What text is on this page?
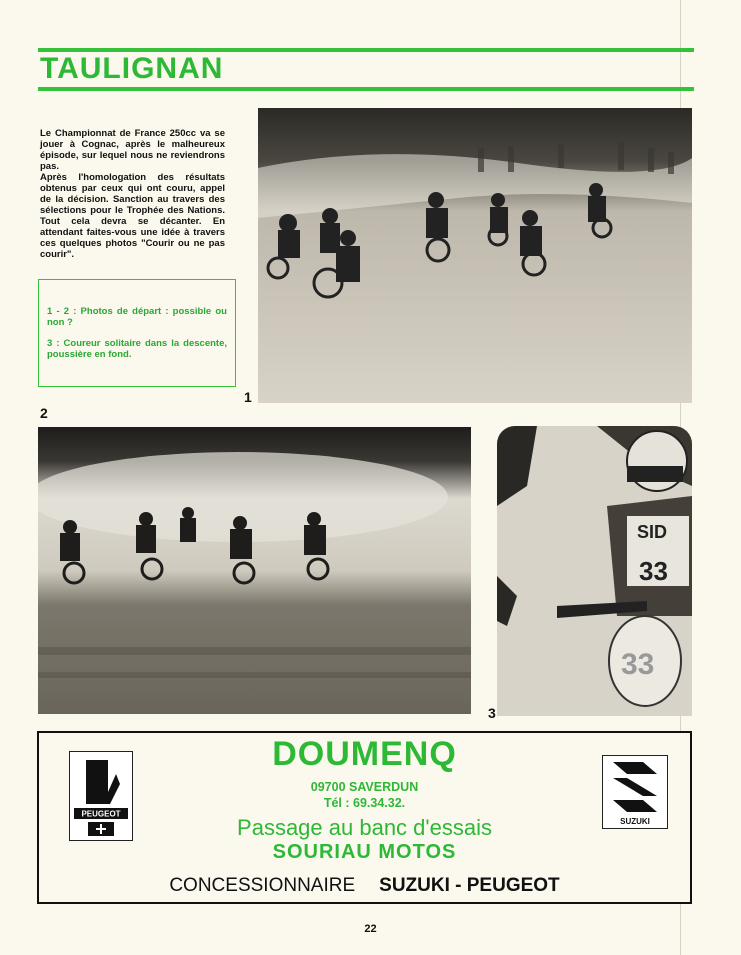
TAULIGNAN
Le Championnat de France 250cc va se jouer à Cognac, après le malheureux épisode, sur lequel nous ne reviendrons pas.
Après l'homologation des résultats obtenus par ceux qui ont couru, appel de la décision. Sanction au travers des sélections pour le Trophée des Nations. Tout cela devra se décanter. En attendant faites-vous une idée à travers ces quelques photos "Courir ou ne pas courir".

1 - 2 : Photos de départ : possible ou non ?

3 : Coureur solitaire dans la descente, poussière en fond.

1
2
SID
33
33
3
PEUGEOT
DOUMENQ
09700 SAVERDUN
Tél : 69.34.32.
Passage au banc d'essais
SOURIAU MOTOS
SUZUKI
CONCESSIONNAIRE SUZUKI - PEUGEOT
22
